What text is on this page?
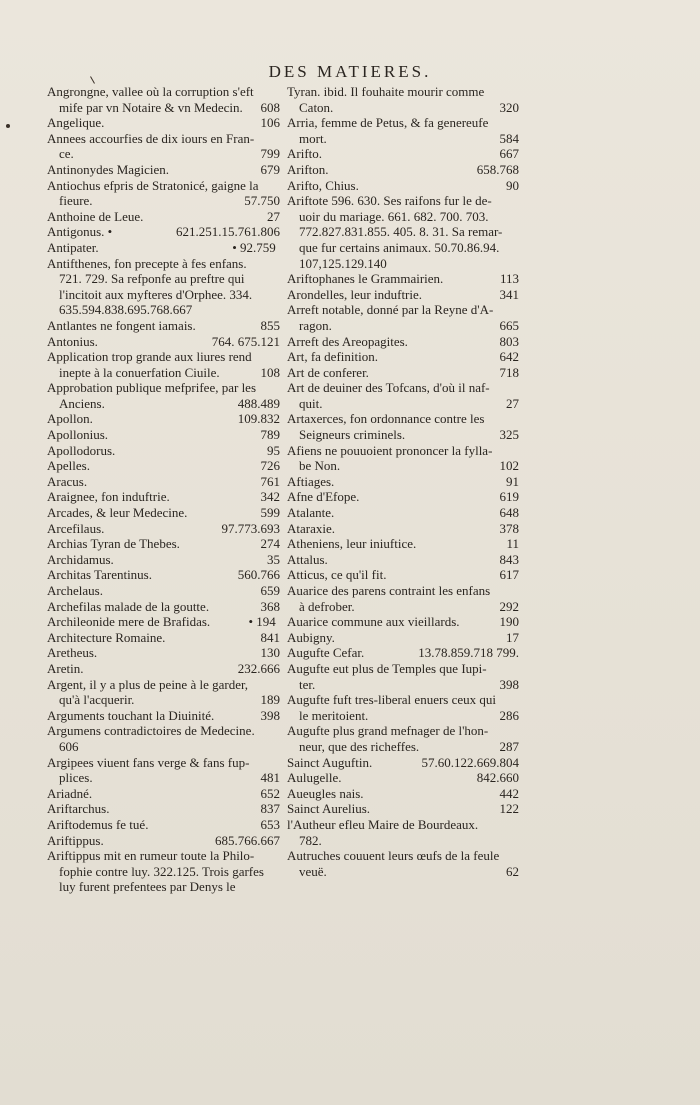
DES MATIERES.
Angrongne, vallee où la corruption s'eft
608
mife par vn Notaire & vn Medecin.
106
Angelique.
Annees accourfies de dix iours en Fran-
799
ce.
679
Antinonydes Magicien.
Antiochus efpris de Stratonicé, gaigne la
57.750
fieure.
27
Anthoine de Leue.
621.251.15.761.806
Antigonus. •
• 92.759
Antipater.
Antifthenes, fon precepte à fes enfans.
721. 729. Sa refponfe au preftre qui
l'incitoit aux myfteres d'Orphee. 334.
635.594.838.695.768.667
855
Antlantes ne fongent iamais.
764. 675.121
Antonius.
Application trop grande aux liures rend
108
inepte à la conuerfation Ciuile.
Approbation publique mefprifee, par les
488.489
Anciens.
109.832
Apollon.
789
Apollonius.
95
Apollodorus.
726
Apelles.
761
Aracus.
342
Araignee, fon induftrie.
599
Arcades, & leur Medecine.
97.773.693
Arcefilaus.
274
Archias Tyran de Thebes.
35
Archidamus.
560.766
Architas Tarentinus.
659
Archelaus.
368
Archefilas malade de la goutte.
• 194
Archileonide mere de Brafidas.
841
Architecture Romaine.
130
Aretheus.
232.666
Aretin.
Argent, il y a plus de peine à le garder,
189
qu'à l'acquerir.
398
Arguments touchant la Diuinité.
Argumens contradictoires de Medecine.
606
Argipees viuent fans verge & fans fup-
481
plices.
652
Ariadné.
837
Ariftarchus.
653
Ariftodemus fe tué.
685.766.667
Ariftippus.
Ariftippus mit en rumeur toute la Philo-
fophie contre luy. 322.125. Trois garfes
luy furent prefentees par Denys le
Tyran. ibid. Il fouhaite mourir comme
320
Caton.
Arria, femme de Petus, & fa genereufe
584
mort.
667
Arifto.
658.768
Arifton.
90
Arifto, Chius.
Ariftote 596. 630. Ses raifons fur le de-
uoir du mariage. 661. 682. 700. 703.
772.827.831.855. 405. 8. 31. Sa remar-
que fur certains animaux. 50.70.86.94.
107,125.129.140
113
Ariftophanes le Grammairien.
341
Arondelles, leur induftrie.
Arreft notable, donné par la Reyne d'A-
665
ragon.
803
Arreft des Areopagites.
642
Art, fa definition.
718
Art de conferer.
Art de deuiner des Tofcans, d'où il naf-
27
quit.
Artaxerces, fon ordonnance contre les
325
Seigneurs criminels.
Afiens ne pouuoient prononcer la fylla-
102
be Non.
91
Aftiages.
619
Afne d'Efope.
648
Atalante.
378
Ataraxie.
11
Atheniens, leur iniuftice.
843
Attalus.
617
Atticus, ce qu'il fit.
Auarice des parens contraint les enfans
292
à defrober.
190
Auarice commune aux vieillards.
17
Aubigny.
13.78.859.718 799.
Augufte Cefar.
Augufte eut plus de Temples que Iupi-
398
ter.
Augufte fuft tres-liberal enuers ceux qui
286
le meritoient.
Augufte plus grand mefnager de l'hon-
287
neur, que des richeffes.
57.60.122.669.804
Sainct Auguftin.
842.660
Aulugelle.
442
Aueugles nais.
122
Sainct Aurelius.
l'Autheur efleu Maire de Bourdeaux.
782.
Autruches couuent leurs œufs de la feule
62
veuë.
